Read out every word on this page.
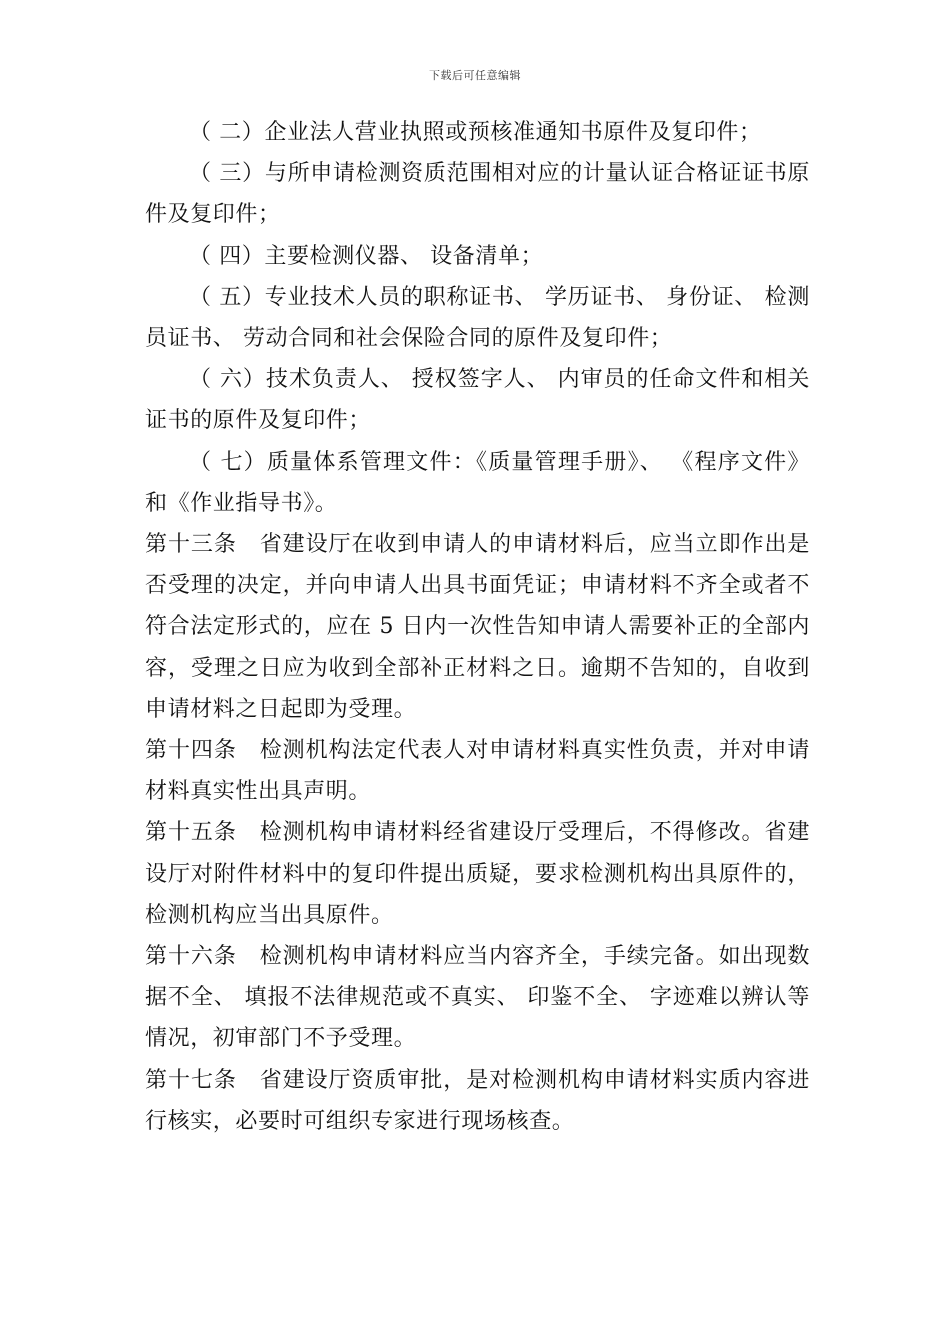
下载后可任意编辑

（ 二）企业法人营业执照或预核准通知书原件及复印件；

（ 三）与所申请检测资质范围相对应的计量认证合格证证书原件及复印件；

（ 四）主要检测仪器、 设备清单；

（ 五）专业技术人员的职称证书、 学历证书、 身份证、 检测员证书、 劳动合同和社会保险合同的原件及复印件；

（ 六）技术负责人、 授权签字人、 内审员的任命文件和相关证书的原件及复印件；

（ 七）质量体系管理文件：《质量管理手册》、 《程序文件》和《作业指导书》。

第十三条　省建设厅在收到申请人的申请材料后，应当立即作出是否受理的决定，并向申请人出具书面凭证；申请材料不齐全或者不符合法定形式的，应在 5 日内一次性告知申请人需要补正的全部内容，受理之日应为收到全部补正材料之日。逾期不告知的，自收到申请材料之日起即为受理。

第十四条　检测机构法定代表人对申请材料真实性负责，并对申请材料真实性出具声明。

第十五条　检测机构申请材料经省建设厅受理后，不得修改。省建设厅对附件材料中的复印件提出质疑，要求检测机构出具原件的，检测机构应当出具原件。

第十六条　检测机构申请材料应当内容齐全，手续完备。如出现数据不全、 填报不法律规范或不真实、 印鉴不全、 字迹难以辨认等情况，初审部门不予受理。

第十七条　省建设厅资质审批，是对检测机构申请材料实质内容进行核实，必要时可组织专家进行现场核查。
